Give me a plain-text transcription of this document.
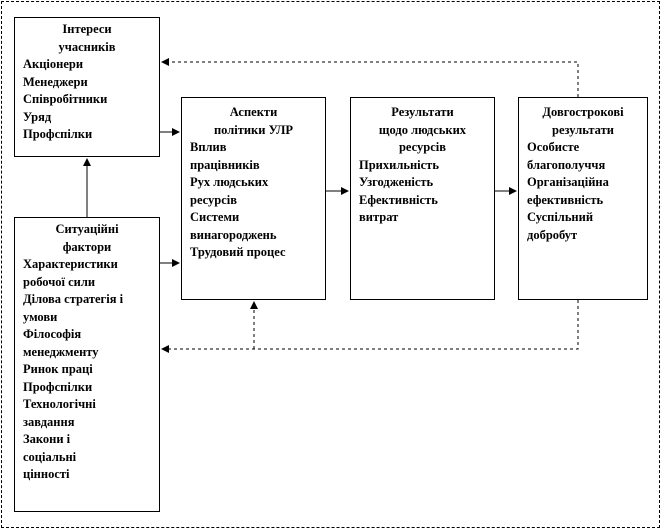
Інтереси
учасників
Акціонери
Менеджери
Співробітники
Уряд
Профспілки
Ситуаційні
фактори
Характеристики
робочої сили
Ділова стратегія і
умови
Філософія
менеджменту
Ринок праці
Профспілки
Технологічні
завдання
Закони і
соціальні
цінності
Аспекти
політики УЛР
Вплив
працівників
Рух людських
ресурсів
Системи
винагороджень
Трудовий процес
Результати
щодо людських
ресурсів
Прихильність
Узгодженість
Ефективність
витрат
Довгострокові
результати
Особисте
благополуччя
Організаційна
ефективність
Суспільний
добробут
